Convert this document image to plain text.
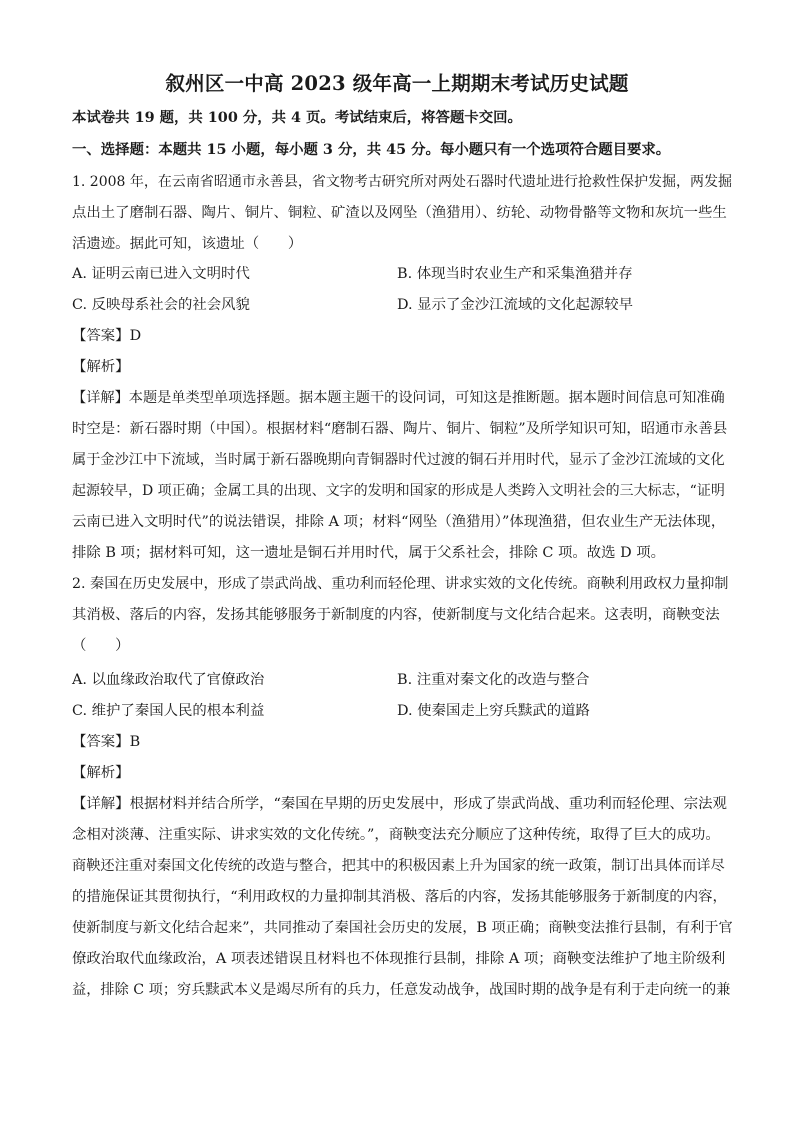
叙州区一中高 2023 级年高一上期期末考试历史试题
本试卷共 19 题，共 100 分，共 4 页。考试结束后，将答题卡交回。
一、选择题：本题共 15 小题，每小题 3 分，共 45 分。每小题只有一个选项符合题目要求。
1. 2008 年，在云南省昭通市永善县，省文物考古研究所对两处石器时代遗址进行抢救性保护发掘，两发掘
点出土了磨制石器、陶片、铜片、铜粒、矿渣以及网坠（渔猎用）、纺轮、动物骨骼等文物和灰坑一些生
活遗迹。据此可知，该遗址（　　）
A. 证明云南已进入文明时代	B. 体现当时农业生产和采集渔猎并存
C. 反映母系社会的社会风貌	D. 显示了金沙江流域的文化起源较早
【答案】D
【解析】
【详解】本题是单类型单项选择题。据本题主题干的设问词，可知这是推断题。据本题时间信息可知准确
时空是：新石器时期（中国）。根据材料“磨制石器、陶片、铜片、铜粒”及所学知识可知，昭通市永善县
属于金沙江中下流域，当时属于新石器晚期向青铜器时代过渡的铜石并用时代，显示了金沙江流域的文化
起源较早，D 项正确；金属工具的出现、文字的发明和国家的形成是人类跨入文明社会的三大标志，“证明
云南已进入文明时代”的说法错误，排除 A 项；材料“网坠（渔猎用）”体现渔猎，但农业生产无法体现，
排除 B 项；据材料可知，这一遗址是铜石并用时代，属于父系社会，排除 C 项。故选 D 项。
2. 秦国在历史发展中，形成了崇武尚战、重功利而轻伦理、讲求实效的文化传统。商鞅利用政权力量抑制
其消极、落后的内容，发扬其能够服务于新制度的内容，使新制度与文化结合起来。这表明，商鞅变法
（　　）
A. 以血缘政治取代了官僚政治	B. 注重对秦文化的改造与整合
C. 维护了秦国人民的根本利益	D. 使秦国走上穷兵黩武的道路
【答案】B
【解析】
【详解】根据材料并结合所学，“秦国在早期的历史发展中，形成了崇武尚战、重功利而轻伦理、宗法观
念相对淡薄、注重实际、讲求实效的文化传统。”，商鞅变法充分顺应了这种传统，取得了巨大的成功。
商鞅还注重对秦国文化传统的改造与整合，把其中的积极因素上升为国家的统一政策，制订出具体而详尽
的措施保证其贯彻执行，“利用政权的力量抑制其消极、落后的内容，发扬其能够服务于新制度的内容，
使新制度与新文化结合起来”，共同推动了秦国社会历史的发展，B 项正确；商鞅变法推行县制，有利于官
僚政治取代血缘政治，A 项表述错误且材料也不体现推行县制，排除 A 项；商鞅变法维护了地主阶级利
益，排除 C 项；穷兵黩武本义是竭尽所有的兵力，任意发动战争，战国时期的战争是有利于走向统一的兼
